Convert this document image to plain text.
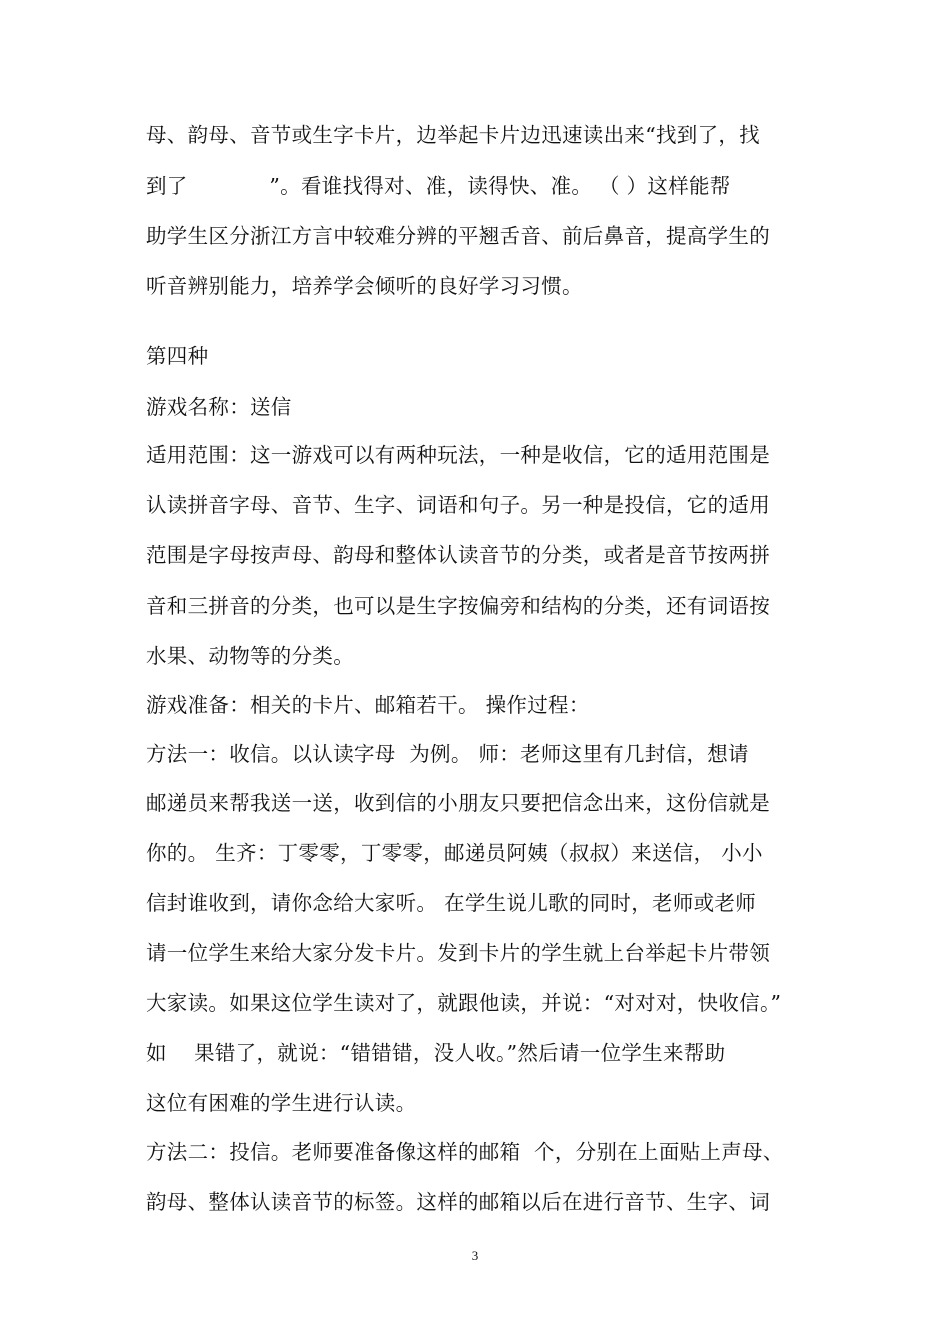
母、韵母、音节或生字卡片，边举起卡片边迅速读出来“找到了，找
到了            ”。看谁找得对、准，读得快、准。 （ ）这样能帮
助学生区分浙江方言中较难分辨的平翘舌音、前后鼻音，提高学生的
听音辨别能力，培养学会倾听的良好学习习惯。
第四种
游戏名称：送信
适用范围：这一游戏可以有两种玩法，一种是收信，它的适用范围是
认读拼音字母、音节、生字、词语和句子。另一种是投信，它的适用
范围是字母按声母、韵母和整体认读音节的分类，或者是音节按两拼
音和三拼音的分类，也可以是生字按偏旁和结构的分类，还有词语按
水果、动物等的分类。
游戏准备：相关的卡片、邮箱若干。 操作过程：
方法一：收信。以认读字母  为例。 师：老师这里有几封信，想请
邮递员来帮我送一送，收到信的小朋友只要把信念出来，这份信就是
你的。 生齐：丁零零，丁零零，邮递员阿姨（叔叔）来送信， 小小
信封谁收到，请你念给大家听。 在学生说儿歌的同时，老师或老师
请一位学生来给大家分发卡片。发到卡片的学生就上台举起卡片带领
大家读。如果这位学生读对了，就跟他读，并说：“对对对，快收信。”
如    果错了，就说：“错错错，没人收。”然后请一位学生来帮助
这位有困难的学生进行认读。
方法二：投信。老师要准备像这样的邮箱  个，分别在上面贴上声母、
韵母、整体认读音节的标签。这样的邮箱以后在进行音节、生字、词
3
